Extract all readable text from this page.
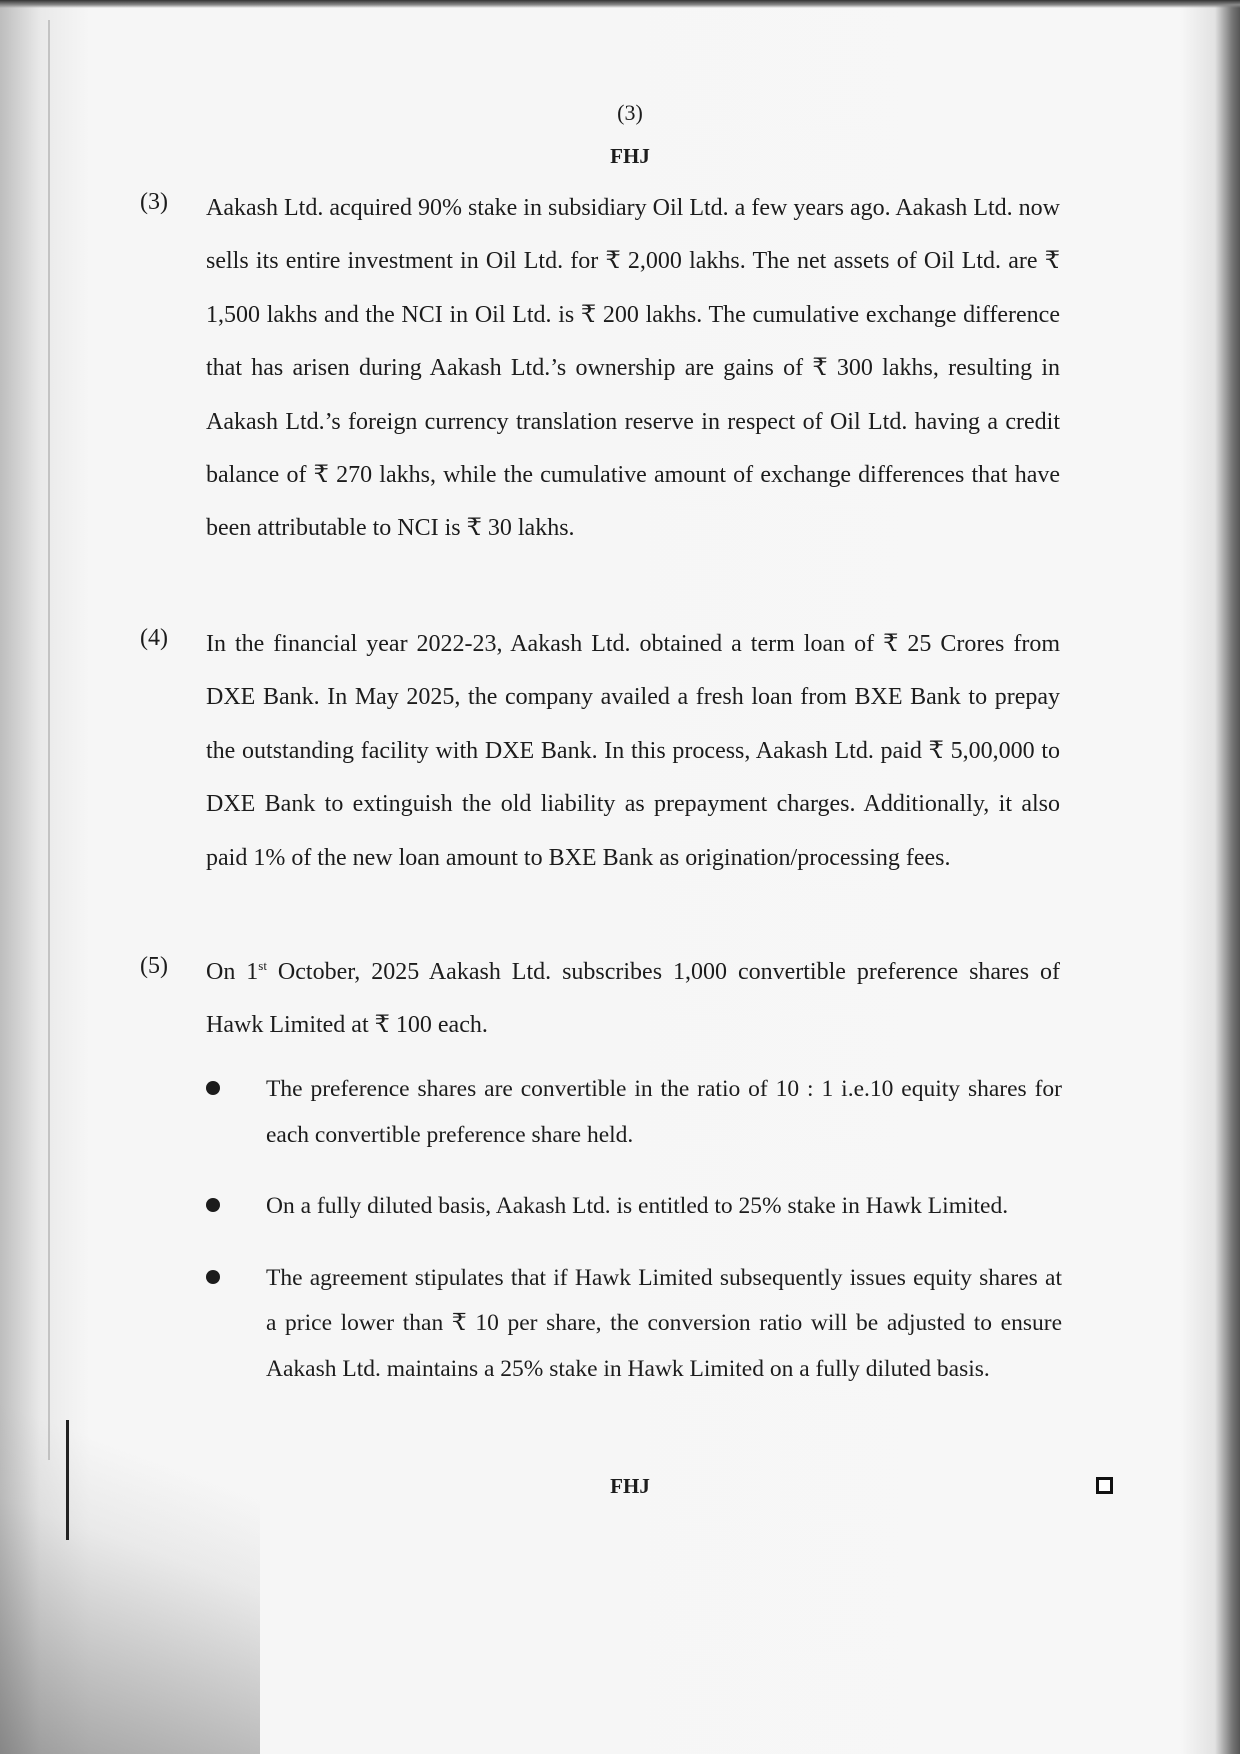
(3)
FHJ
(3) Aakash Ltd. acquired 90% stake in subsidiary Oil Ltd. a few years ago. Aakash Ltd. now sells its entire investment in Oil Ltd. for ₹ 2,000 lakhs. The net assets of Oil Ltd. are ₹ 1,500 lakhs and the NCI in Oil Ltd. is ₹ 200 lakhs. The cumulative exchange difference that has arisen during Aakash Ltd.’s ownership are gains of ₹ 300 lakhs, resulting in Aakash Ltd.’s foreign currency translation reserve in respect of Oil Ltd. having a credit balance of ₹ 270 lakhs, while the cumulative amount of exchange differences that have been attributable to NCI is ₹ 30 lakhs.
(4) In the financial year 2022-23, Aakash Ltd. obtained a term loan of ₹ 25 Crores from DXE Bank. In May 2025, the company availed a fresh loan from BXE Bank to prepay the outstanding facility with DXE Bank. In this process, Aakash Ltd. paid ₹ 5,00,000 to DXE Bank to extinguish the old liability as prepayment charges. Additionally, it also paid 1% of the new loan amount to BXE Bank as origination/processing fees.
(5) On 1st October, 2025 Aakash Ltd. subscribes 1,000 convertible preference shares of Hawk Limited at ₹ 100 each.
The preference shares are convertible in the ratio of 10 : 1 i.e.10 equity shares for each convertible preference share held.
On a fully diluted basis, Aakash Ltd. is entitled to 25% stake in Hawk Limited.
The agreement stipulates that if Hawk Limited subsequently issues equity shares at a price lower than ₹ 10 per share, the conversion ratio will be adjusted to ensure Aakash Ltd. maintains a 25% stake in Hawk Limited on a fully diluted basis.
FHJ
